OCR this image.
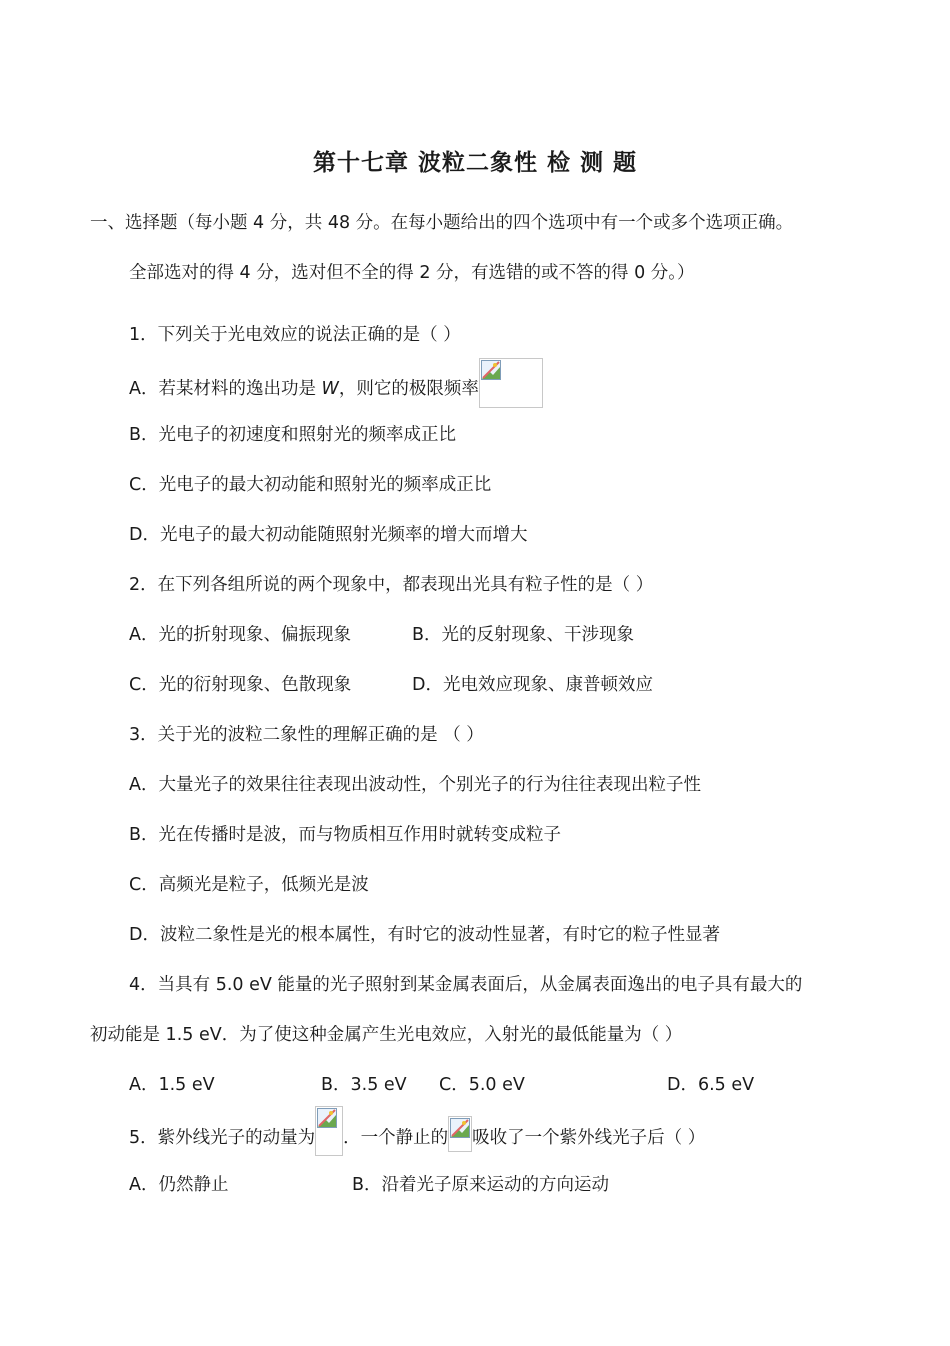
第十七章 波粒二象性 检 测 题
一、选择题（每小题 4 分，共 48 分。在每小题给出的四个选项中有一个或多个选项正确。
全部选对的得 4 分，选对但不全的得 2 分，有选错的或不答的得 0 分。）
1．下列关于光电效应的说法正确的是（ ）
A．若某材料的逸出功是 W，则它的极限频率
B．光电子的初速度和照射光的频率成正比
C．光电子的最大初动能和照射光的频率成正比
D．光电子的最大初动能随照射光频率的增大而增大
2．在下列各组所说的两个现象中，都表现出光具有粒子性的是（ ）
A．光的折射现象、偏振现象	B．光的反射现象、干涉现象
C．光的衍射现象、色散现象	D．光电效应现象、康普顿效应
3．关于光的波粒二象性的理解正确的是 （ ）
A．大量光子的效果往往表现出波动性，个别光子的行为往往表现出粒子性
B．光在传播时是波，而与物质相互作用时就转变成粒子
C．高频光是粒子，低频光是波
D．波粒二象性是光的根本属性，有时它的波动性显著，有时它的粒子性显著
4．当具有 5.0 eV 能量的光子照射到某金属表面后，从金属表面逸出的电子具有最大的
初动能是 1.5 eV．为了使这种金属产生光电效应，入射光的最低能量为（ ）
A．1.5 eV	B．3.5 eV C．5.0 eV	D．6.5 eV
5．紫外线光子的动量为 ．一个静止的 吸收了一个紫外线光子后（ ）
A．仍然静止	B．沿着光子原来运动的方向运动
